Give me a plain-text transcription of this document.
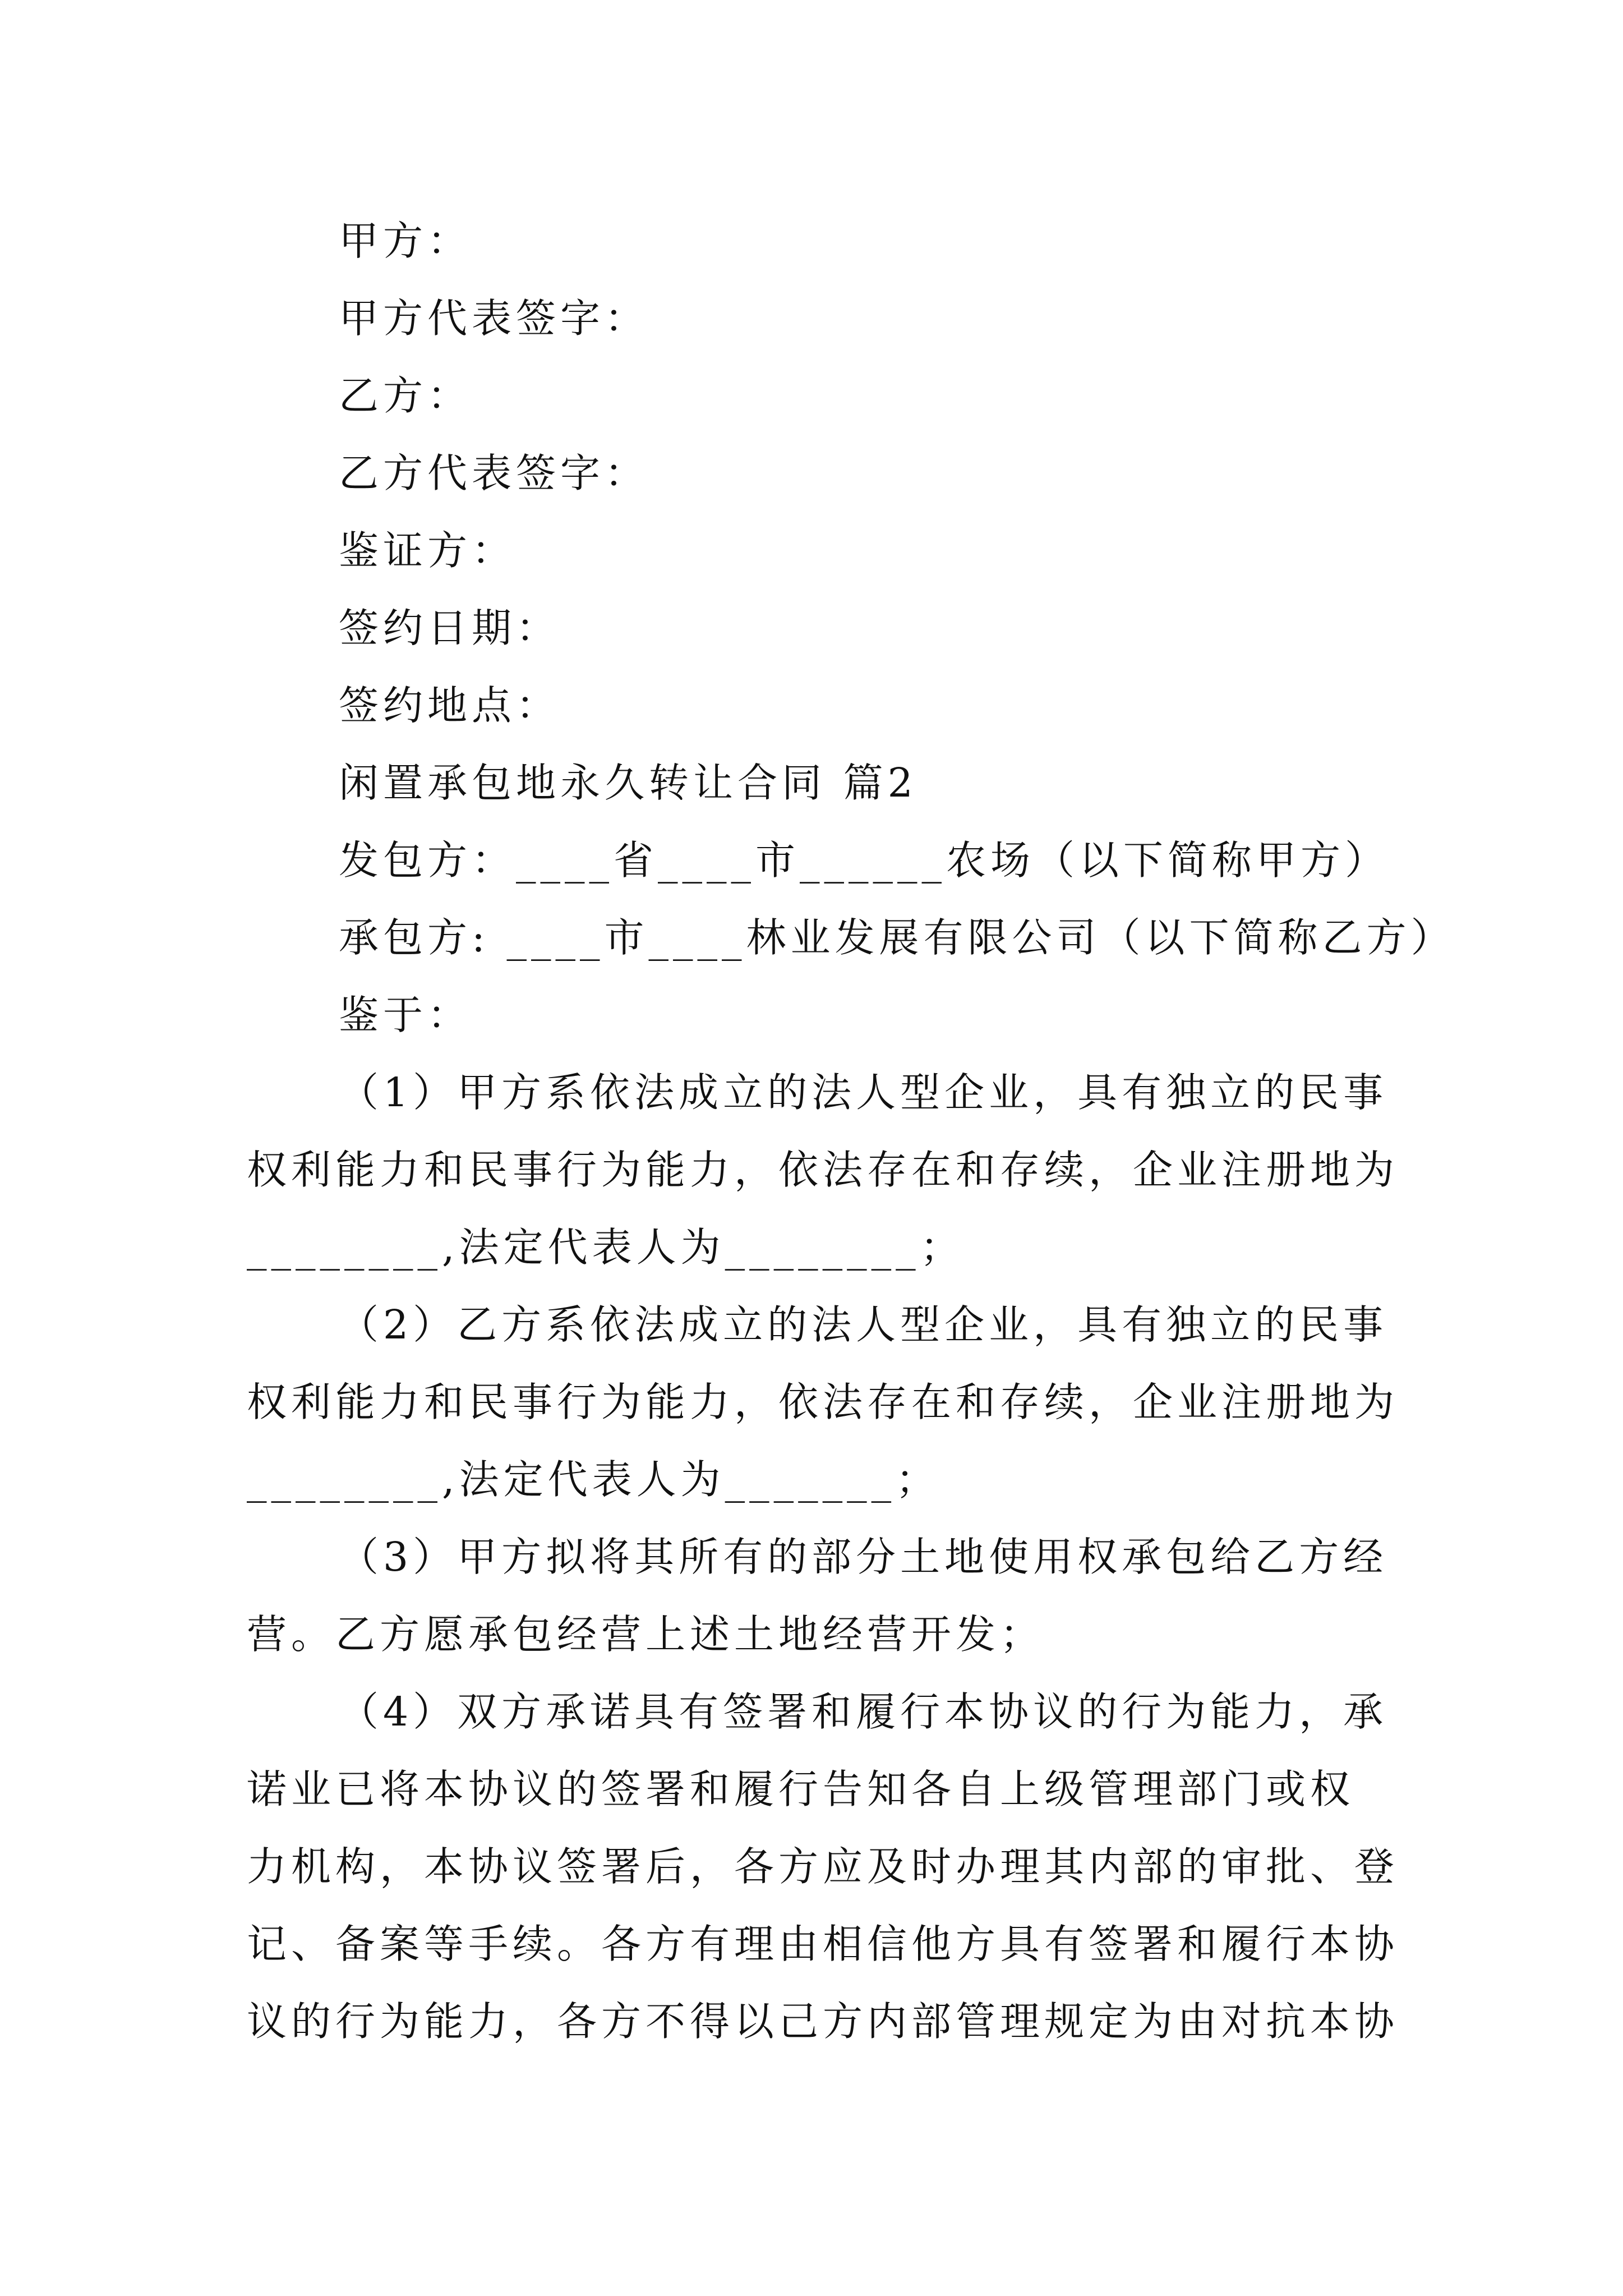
甲方：
甲方代表签字：
乙方：
乙方代表签字：
鉴证方：
签约日期：
签约地点：
闲置承包地永久转让合同 篇2
发包方：____省____市______农场（以下简称甲方）
承包方: ____市____林业发展有限公司（以下简称乙方）
鉴于：
（1）甲方系依法成立的法人型企业，具有独立的民事
权利能力和民事行为能力，依法存在和存续，企业注册地为
________,法定代表人为________；
（2）乙方系依法成立的法人型企业，具有独立的民事
权利能力和民事行为能力，依法存在和存续，企业注册地为
________,法定代表人为_______；
（3）甲方拟将其所有的部分土地使用权承包给乙方经
营。乙方愿承包经营上述土地经营开发；
（4）双方承诺具有签署和履行本协议的行为能力，承
诺业已将本协议的签署和履行告知各自上级管理部门或权
力机构，本协议签署后，各方应及时办理其内部的审批、登
记、备案等手续。各方有理由相信他方具有签署和履行本协
议的行为能力，各方不得以己方内部管理规定为由对抗本协
